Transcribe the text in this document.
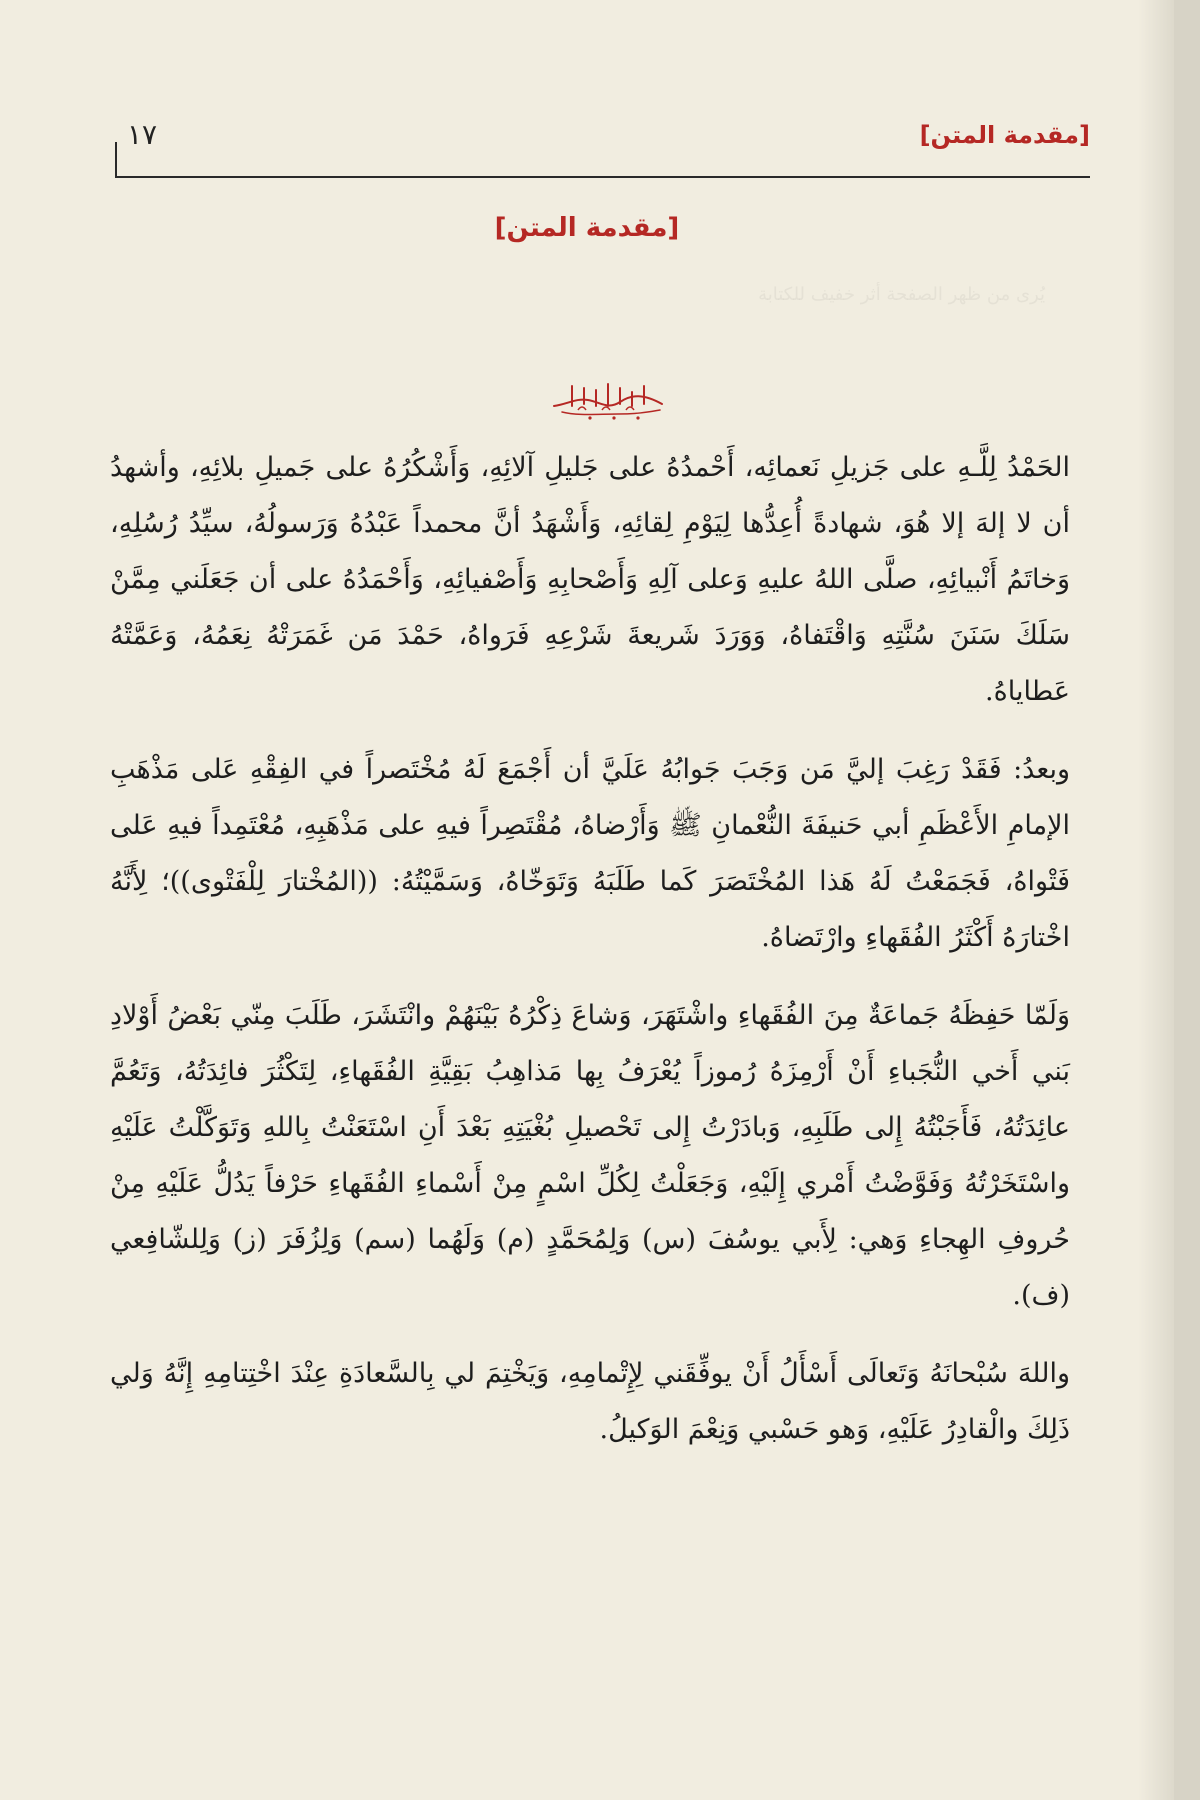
يُرى من ظهر الصفحة أثر خفيف للكتابة
[مقدمة المتن]
١٧
[مقدمة المتن]

الحَمْدُ لِلَّـهِ على جَزيلِ نَعمائِه، أَحْمدُهُ على جَليلِ آلائِهِ، وَأَشْكُرُهُ على جَميلِ بلائِهِ، وأشهدُ أن لا إلهَ إلا هُوَ، شهادةً أُعِدُّها لِيَوْمِ لِقائِهِ، وَأَشْهَدُ أنَّ محمداً عَبْدُهُ وَرَسولُهُ، سيِّدُ رُسُلِهِ، وَخاتَمُ أَنْبيائِهِ، صلَّى اللهُ عليهِ وَعلى آلِهِ وَأَصْحابِهِ وَأَصْفيائِهِ، وَأَحْمَدُهُ على أن جَعَلَني مِمَّنْ سَلَكَ سَنَنَ سُنَّتِهِ وَاقْتَفاهُ، وَوَرَدَ شَريعةَ شَرْعِهِ فَرَواهُ، حَمْدَ مَن غَمَرَتْهُ نِعَمُهُ، وَعَمَّتْهُ عَطاياهُ.

وبعدُ: فَقَدْ رَغِبَ إليَّ مَن وَجَبَ جَوابُهُ عَلَيَّ أن أَجْمَعَ لَهُ مُخْتَصراً في الفِقْهِ عَلى مَذْهَبِ الإمامِ الأَعْظَمِ أبي حَنيفَةَ النُّعْمانِ ﷺ وَأَرْضاهُ، مُقْتَصِراً فيهِ على مَذْهَبِهِ، مُعْتَمِداً فيهِ عَلى فَتْواهُ، فَجَمَعْتُ لَهُ هَذا المُخْتَصَرَ كَما طَلَبَهُ وَتَوَخّاهُ، وَسَمَّيْتُهُ: ((المُخْتارَ لِلْفَتْوى))؛ لِأَنَّهُ اخْتارَهُ أَكْثَرُ الفُقَهاءِ وارْتَضاهُ.

وَلَمّا حَفِظَهُ جَماعَةٌ مِنَ الفُقَهاءِ واشْتَهَرَ، وَشاعَ ذِكْرُهُ بَيْنَهُمْ وانْتَشَرَ، طَلَبَ مِنّي بَعْضُ أَوْلادِ بَني أَخي النُّجَباءِ أَنْ أَرْمِزَهُ رُموزاً يُعْرَفُ بِها مَذاهِبُ بَقِيَّةِ الفُقَهاءِ، لِتَكْثُرَ فائِدَتُهُ، وَتَعُمَّ عائِدَتُهُ، فَأَجَبْتُهُ إِلى طَلَبِهِ، وَبادَرْتُ إِلى تَحْصيلِ بُغْيَتِهِ بَعْدَ أَنِ اسْتَعَنْتُ بِاللهِ وَتَوَكَّلْتُ عَلَيْهِ واسْتَخَرْتُهُ وَفَوَّضْتُ أَمْري إِلَيْهِ، وَجَعَلْتُ لِكُلِّ اسْمٍ مِنْ أَسْماءِ الفُقَهاءِ حَرْفاً يَدُلُّ عَلَيْهِ مِنْ حُروفِ الهِجاءِ وَهي: لِأَبي يوسُفَ (س) وَلِمُحَمَّدٍ (م) وَلَهُما (سم) وَلِزُفَرَ (ز) وَلِلشّافِعي (ف).

واللهَ سُبْحانَهُ وَتَعالَى أَسْأَلُ أَنْ يوفِّقَني لِإِتْمامِهِ، وَيَخْتِمَ لي بِالسَّعادَةِ عِنْدَ اخْتِتامِهِ إِنَّهُ وَلي ذَلِكَ والْقادِرُ عَلَيْهِ، وَهو حَسْبي وَنِعْمَ الوَكيلُ.
